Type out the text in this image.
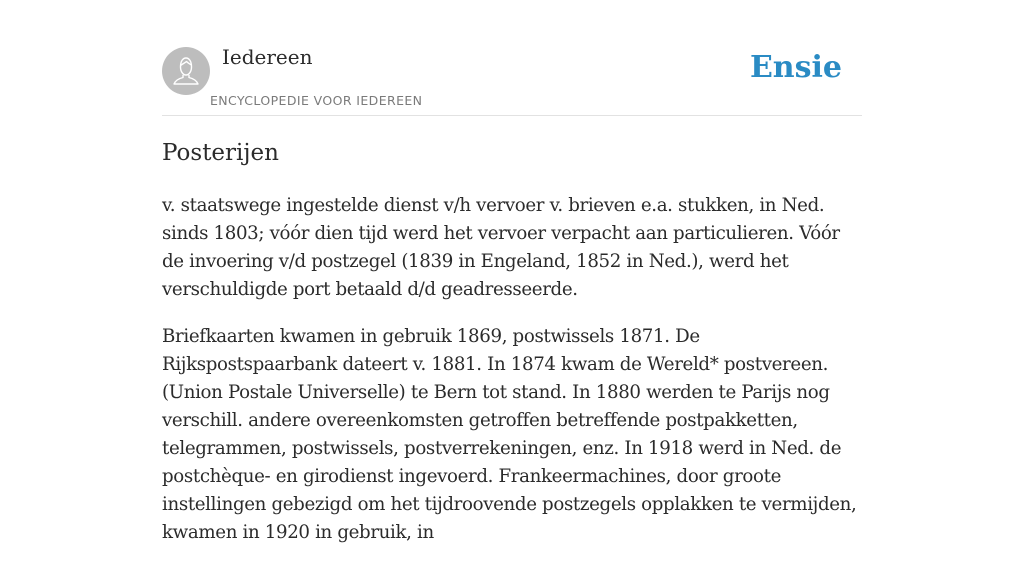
Iedereen
ENCYCLOPEDIE VOOR IEDEREEN
Ensie
Posterijen

v. staatswege ingestelde dienst v/h vervoer v. brieven e.a. stukken, in Ned. sinds 1803; vóór dien tijd werd het vervoer verpacht aan particulieren. Vóór de invoering v/d postzegel (1839 in Engeland, 1852 in Ned.), werd het verschuldigde port betaald d/d geadresseerde.

Briefkaarten kwamen in gebruik 1869, postwissels 1871. De Rijkspostspaarbank dateert v. 1881. In 1874 kwam de Wereld* postvereen. (Union Postale Universelle) te Bern tot stand. In 1880 werden te Parijs nog verschill. andere overeenkomsten getroffen betreffende postpakketten, telegrammen, postwissels, postverrekeningen, enz. In 1918 werd in Ned. de postchèque- en girodienst ingevoerd. Frankeermachines, door groote instellingen gebezigd om het tijdroovende postzegels opplakken te vermijden, kwamen in 1920 in gebruik, in
